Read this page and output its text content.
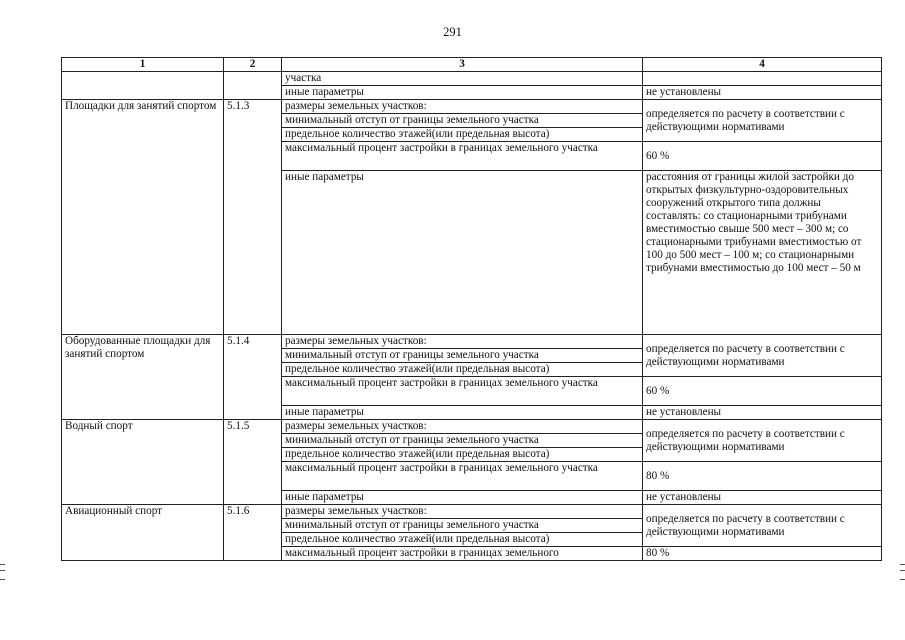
291
1	2	3	4
		участка	
		иные параметры	не установлены
Площадки для занятий спортом	5.1.3	размеры земельных участков:	определяется по расчету в соответствии с действующими нормативами
		минимальный отступ от границы земельного участка	
		предельное количество этажей(или предельная высота)	
		максимальный процент застройки в границах земельного участка	60 %
		иные параметры	расстояния от границы жилой застройки до открытых физкультурно-оздоровительных сооружений открытого типа должны составлять: со стационарными трибунами вместимостью свыше 500 мест – 300 м; со стационарными трибунами вместимостью от 100 до 500 мест – 100 м; со стационарными трибунами вместимостью до 100 мест – 50 м
Оборудованные площадки для занятий спортом	5.1.4	размеры земельных участков:	определяется по расчету в соответствии с действующими нормативами
		минимальный отступ от границы земельного участка	
		предельное количество этажей(или предельная высота)	
		максимальный процент застройки в границах земельного участка	60 %
		иные параметры	не установлены
Водный спорт	5.1.5	размеры земельных участков:	определяется по расчету в соответствии с действующими нормативами
		минимальный отступ от границы земельного участка	
		предельное количество этажей(или предельная высота)	
		максимальный процент застройки в границах земельного участка	80 %
		иные параметры	не установлены
Авиационный спорт	5.1.6	размеры земельных участков:	определяется по расчету в соответствии с действующими нормативами
		минимальный отступ от границы земельного участка	
		предельное количество этажей(или предельная высота)	
		максимальный процент застройки в границах земельного	80 %
